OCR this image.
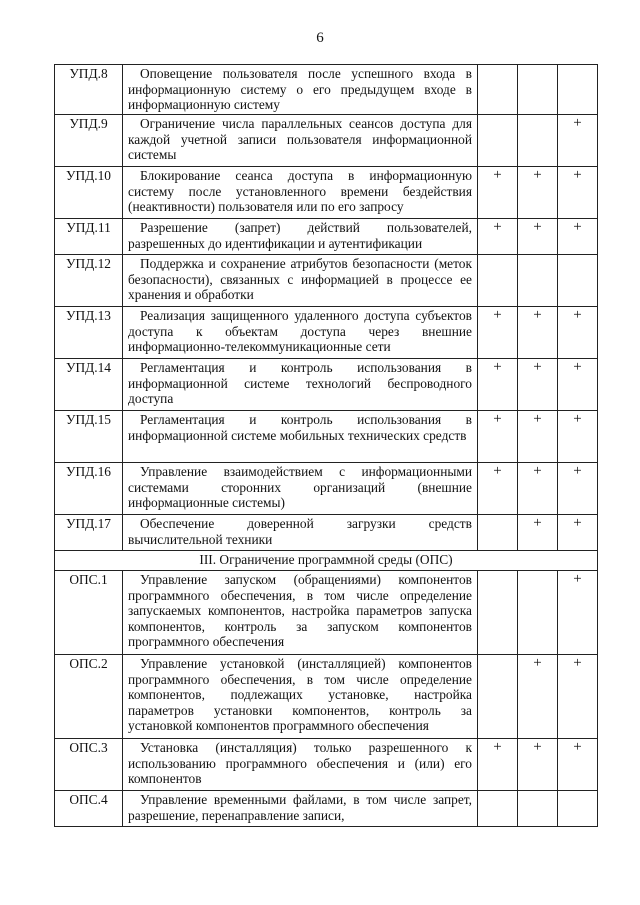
6
УПД.8	Оповещение пользователя после успешного входа в информационную систему о его предыдущем входе в информационную систему			
УПД.9	Ограничение числа параллельных сеансов доступа для каждой учетной записи пользователя информационной системы			+
УПД.10	Блокирование сеанса доступа в информационную систему после установленного времени бездействия (неактивности) пользователя или по его запросу	+	+	+
УПД.11	Разрешение (запрет) действий пользователей, разрешенных до идентификации и аутентификации	+	+	+
УПД.12	Поддержка и сохранение атрибутов безопасности (меток безопасности), связанных с информацией в процессе ее хранения и обработки			
УПД.13	Реализация защищенного удаленного доступа субъектов доступа к объектам доступа через внешние информационно-телекоммуникационные сети	+	+	+
УПД.14	Регламентация и контроль использования в информационной системе технологий беспроводного доступа	+	+	+
УПД.15	Регламентация и контроль использования в информационной системе мобильных технических средств	+	+	+
УПД.16	Управление взаимодействием с информационными системами сторонних организаций (внешние информационные системы)	+	+	+
УПД.17	Обеспечение доверенной загрузки средств вычислительной техники		+	+
III. Ограничение программной среды (ОПС)				
ОПС.1	Управление запуском (обращениями) компонентов программного обеспечения, в том числе определение запускаемых компонентов, настройка параметров запуска компонентов, контроль за запуском компонентов программного обеспечения			+
ОПС.2	Управление установкой (инсталляцией) компонентов программного обеспечения, в том числе определение компонентов, подлежащих установке, настройка параметров установки компонентов, контроль за установкой компонентов программного обеспечения		+	+
ОПС.3	Установка (инсталляция) только разрешенного к использованию программного обеспечения и (или) его компонентов	+	+	+
ОПС.4	Управление временными файлами, в том числе запрет, разрешение, перенаправление записи,			
